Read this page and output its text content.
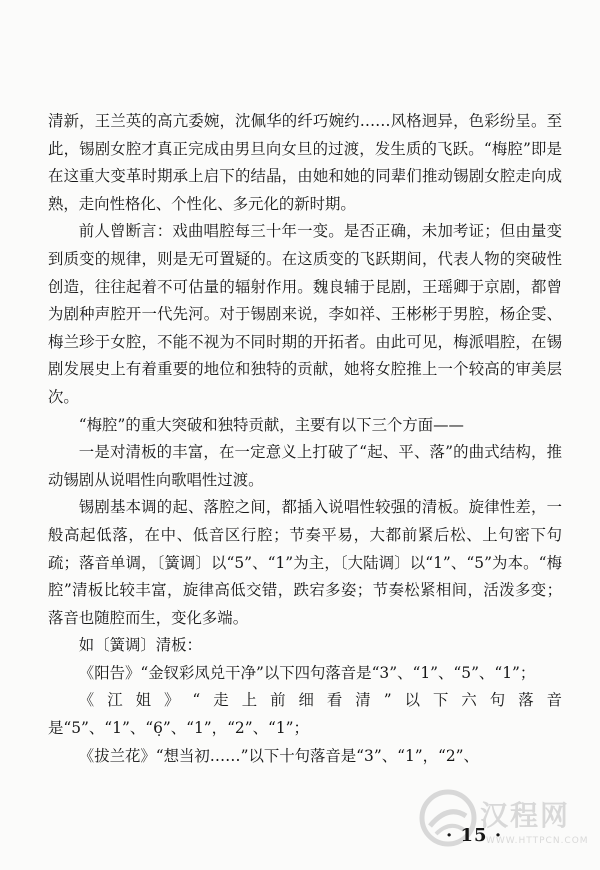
清新，王兰英的高亢委婉，沈佩华的纤巧婉约……风格迥异，色彩纷呈。至此，锡剧女腔才真正完成由男旦向女旦的过渡，发生质的飞跃。“梅腔”即是在这重大变革时期承上启下的结晶，由她和她的同辈们推动锡剧女腔走向成熟，走向性格化、个性化、多元化的新时期。

前人曾断言：戏曲唱腔每三十年一变。是否正确，未加考证；但由量变到质变的规律，则是无可置疑的。在这质变的飞跃期间，代表人物的突破性创造，往往起着不可估量的辐射作用。魏良辅于昆剧，王瑶卿于京剧，都曾为剧种声腔开一代先河。对于锡剧来说，李如祥、王彬彬于男腔，杨企雯、梅兰珍于女腔，不能不视为不同时期的开拓者。由此可见，梅派唱腔，在锡剧发展史上有着重要的地位和独特的贡献，她将女腔推上一个较高的审美层次。

“梅腔”的重大突破和独特贡献，主要有以下三个方面——

一是对清板的丰富，在一定意义上打破了“起、平、落”的曲式结构，推动锡剧从说唱性向歌唱性过渡。

锡剧基本调的起、落腔之间，都插入说唱性较强的清板。旋律性差，一般高起低落，在中、低音区行腔；节奏平易，大都前紧后松、上句密下句疏；落音单调，〔簧调〕以“5”、“1”为主，〔大陆调〕以“1”、“5”为本。“梅腔”清板比较丰富，旋律高低交错，跌宕多姿；节奏松紧相间，活泼多变；落音也随腔而生，变化多端。

如〔簧调〕清板：

《阳告》“金钗彩凤兑干净”以下四句落音是“3”、“1”、“5”、“1”；

《江姐》“走上前细看清”以下六句落音是“5”、“1”、“6̣”、“1”，“2”、“1”；

《拔兰花》“想当初……”以下十句落音是“3”、“1”，“2”、

汉程网
WWW.HTTPCN.COM
· 15 ·
